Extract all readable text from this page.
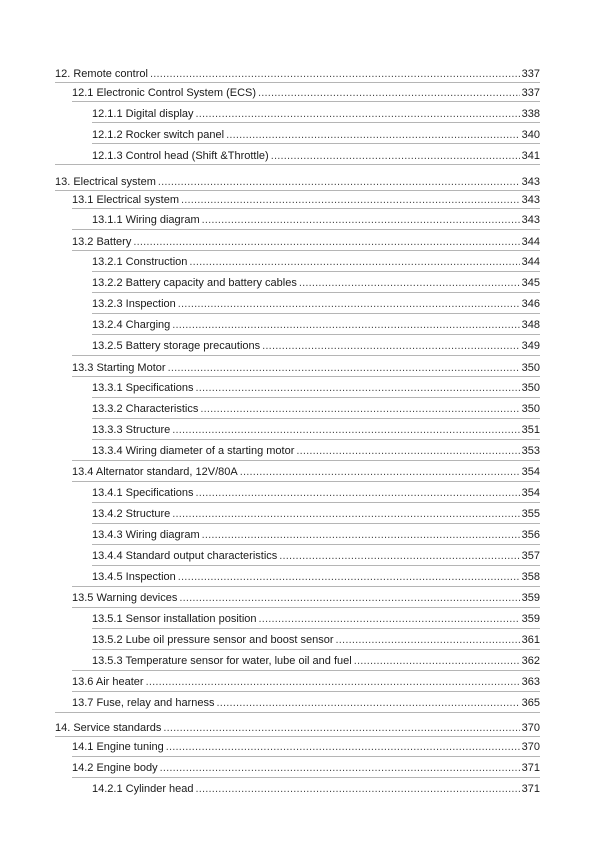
12. Remote control .....	337
12.1 Electronic Control System (ECS) .....	337
12.1.1 Digital display .....	338
12.1.2 Rocker switch panel .....	340
12.1.3 Control head (Shift &Throttle) .....	341
13. Electrical system .....	343
13.1 Electrical system .....	343
13.1.1 Wiring diagram .....	343
13.2 Battery .....	344
13.2.1 Construction .....	344
13.2.2 Battery capacity and battery cables .....	345
13.2.3 Inspection .....	346
13.2.4 Charging .....	348
13.2.5 Battery storage precautions .....	349
13.3 Starting Motor .....	350
13.3.1 Specifications .....	350
13.3.2 Characteristics .....	350
13.3.3 Structure .....	351
13.3.4 Wiring diameter of a starting motor .....	353
13.4 Alternator standard, 12V/80A .....	354
13.4.1 Specifications .....	354
13.4.2 Structure .....	355
13.4.3 Wiring diagram .....	356
13.4.4 Standard output characteristics .....	357
13.4.5 Inspection .....	358
13.5 Warning devices .....	359
13.5.1 Sensor installation position .....	359
13.5.2 Lube oil pressure sensor and boost sensor .....	361
13.5.3 Temperature sensor for water, lube oil and fuel .....	362
13.6 Air heater .....	363
13.7 Fuse, relay and harness .....	365
14. Service standards .....	370
14.1 Engine tuning .....	370
14.2 Engine body .....	371
14.2.1 Cylinder head .....	371
